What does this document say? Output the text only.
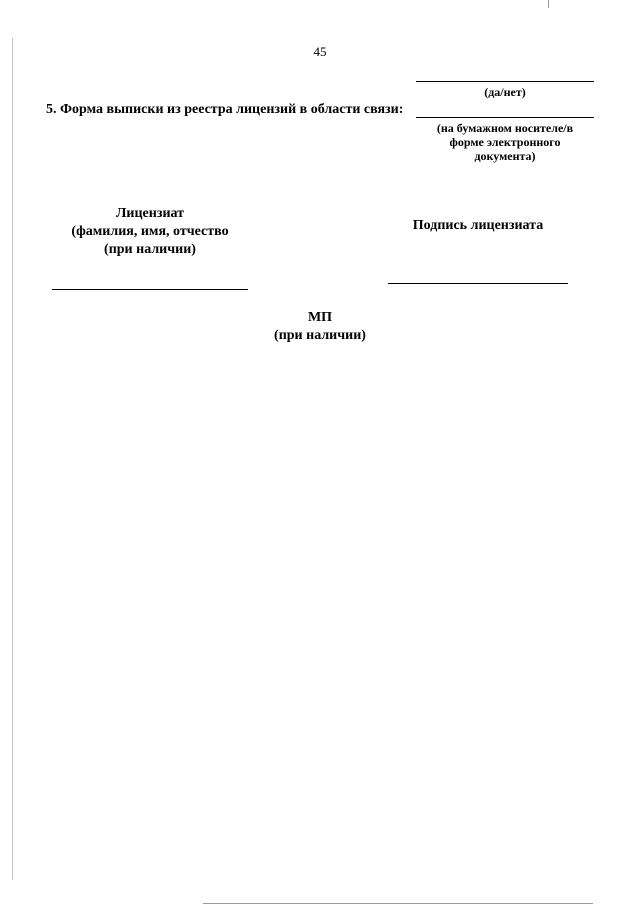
45
(да/нет)
5. Форма выписки из реестра лицензий в области связи:
(на бумажном носителе/в
форме электронного
документа)
Лицензиат
(фамилия, имя, отчество
(при наличии)
Подпись лицензиата
МП
(при наличии)
